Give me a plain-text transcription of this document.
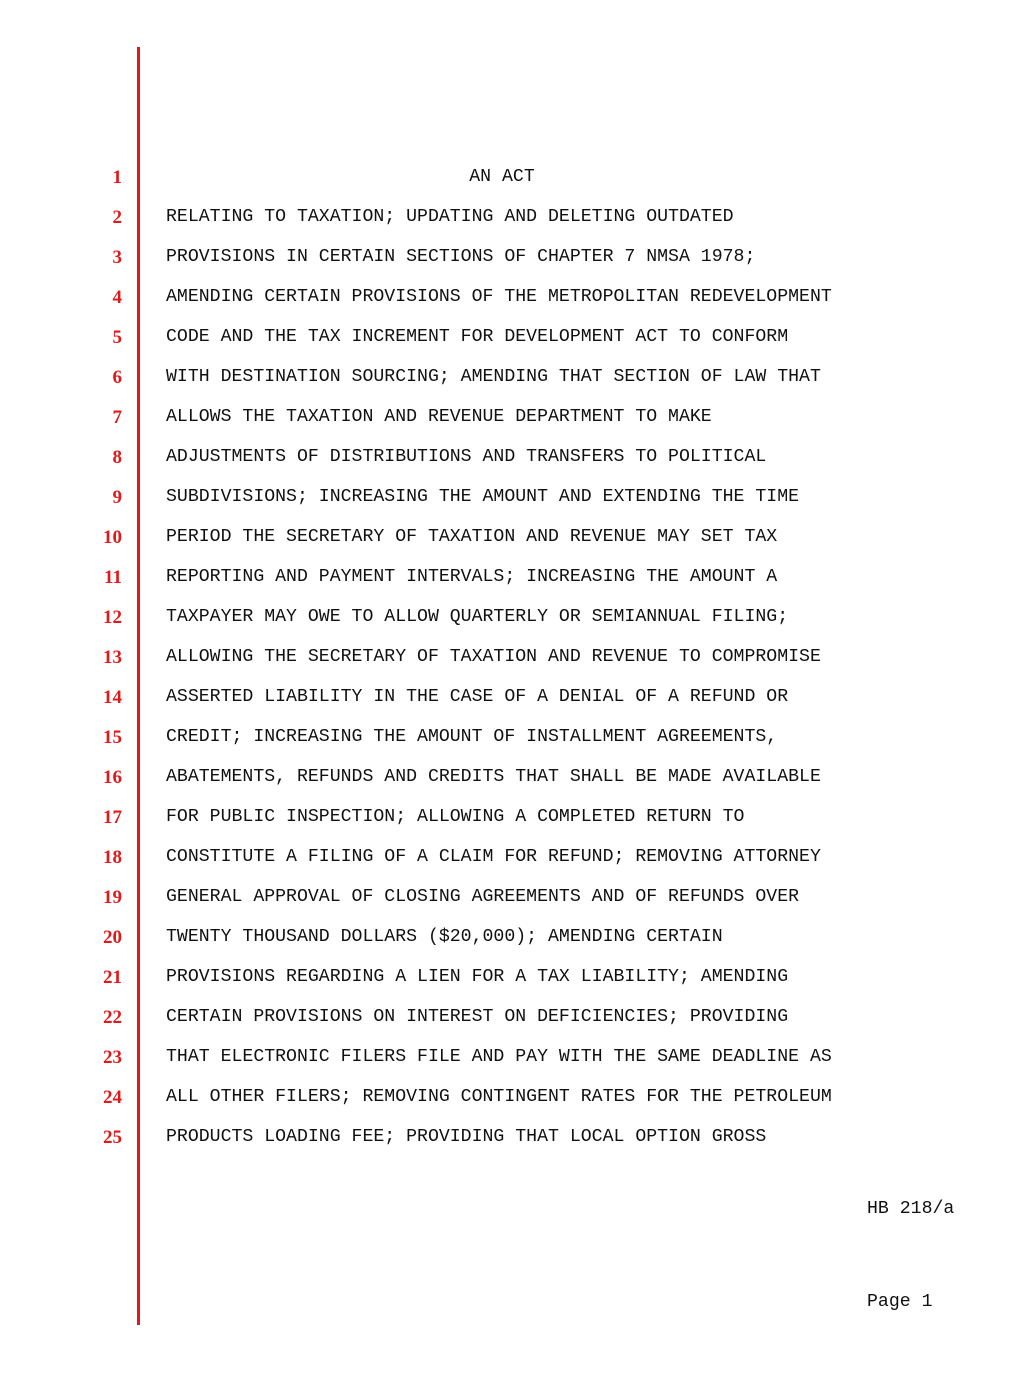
1
2
3
4
5
6
7
8
9
10
11
12
13
14
15
16
17
18
19
20
21
22
23
24
25
AN ACT
RELATING TO TAXATION; UPDATING AND DELETING OUTDATED
PROVISIONS IN CERTAIN SECTIONS OF CHAPTER 7 NMSA 1978;
AMENDING CERTAIN PROVISIONS OF THE METROPOLITAN REDEVELOPMENT
CODE AND THE TAX INCREMENT FOR DEVELOPMENT ACT TO CONFORM
WITH DESTINATION SOURCING; AMENDING THAT SECTION OF LAW THAT
ALLOWS THE TAXATION AND REVENUE DEPARTMENT TO MAKE
ADJUSTMENTS OF DISTRIBUTIONS AND TRANSFERS TO POLITICAL
SUBDIVISIONS; INCREASING THE AMOUNT AND EXTENDING THE TIME
PERIOD THE SECRETARY OF TAXATION AND REVENUE MAY SET TAX
REPORTING AND PAYMENT INTERVALS; INCREASING THE AMOUNT A
TAXPAYER MAY OWE TO ALLOW QUARTERLY OR SEMIANNUAL FILING;
ALLOWING THE SECRETARY OF TAXATION AND REVENUE TO COMPROMISE
ASSERTED LIABILITY IN THE CASE OF A DENIAL OF A REFUND OR
CREDIT; INCREASING THE AMOUNT OF INSTALLMENT AGREEMENTS,
ABATEMENTS, REFUNDS AND CREDITS THAT SHALL BE MADE AVAILABLE
FOR PUBLIC INSPECTION; ALLOWING A COMPLETED RETURN TO
CONSTITUTE A FILING OF A CLAIM FOR REFUND; REMOVING ATTORNEY
GENERAL APPROVAL OF CLOSING AGREEMENTS AND OF REFUNDS OVER
TWENTY THOUSAND DOLLARS ($20,000); AMENDING CERTAIN
PROVISIONS REGARDING A LIEN FOR A TAX LIABILITY; AMENDING
CERTAIN PROVISIONS ON INTEREST ON DEFICIENCIES; PROVIDING
THAT ELECTRONIC FILERS FILE AND PAY WITH THE SAME DEADLINE AS
ALL OTHER FILERS; REMOVING CONTINGENT RATES FOR THE PETROLEUM
PRODUCTS LOADING FEE; PROVIDING THAT LOCAL OPTION GROSS

HB 218/a

Page 1
